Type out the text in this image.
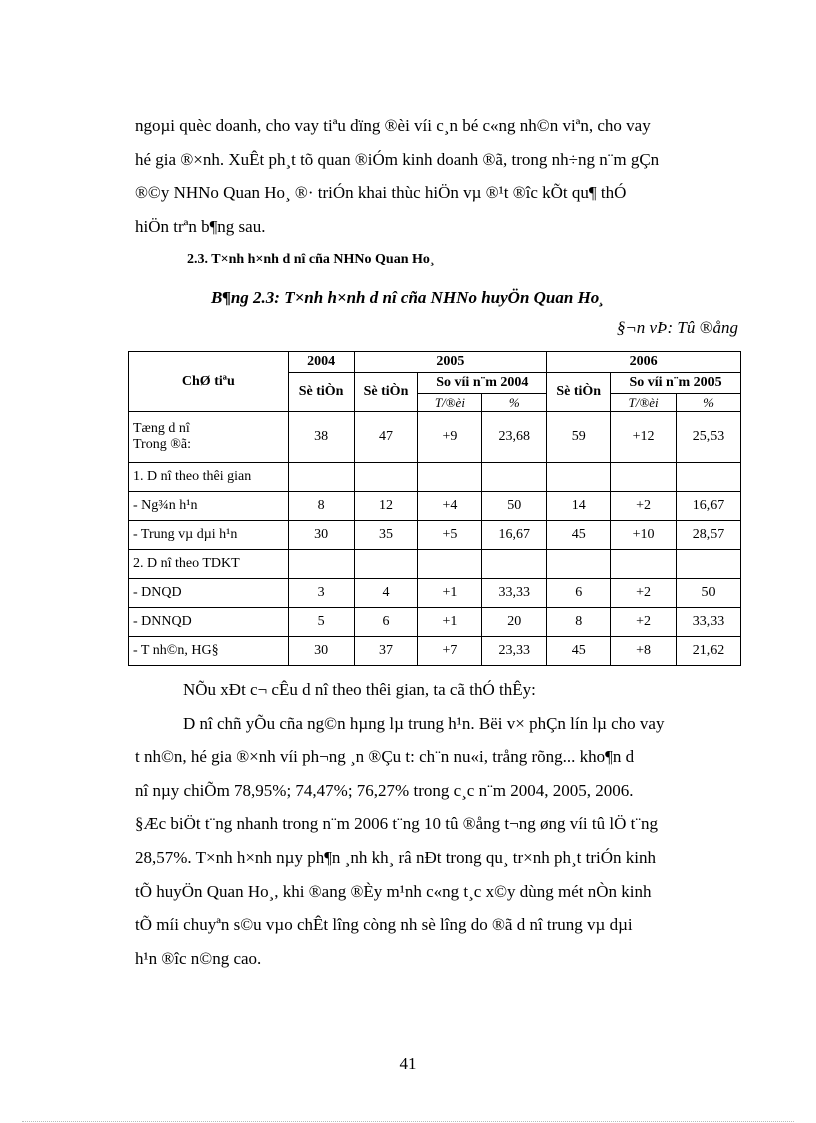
ngoµi quèc doanh, cho vay tiªu dïng ®èi víi c¸n bé c«ng nh©n viªn, cho vay
hé gia ®×nh. XuÊt ph¸t tõ quan ®iÓm kinh doanh ®ã, trong nh÷ng n¨m gÇn
®©y NHNo Quan Ho¸ ®· triÓn khai thùc hiÖn vµ ®¹t ®îc kÕt qu¶ thÓ
hiÖn trªn b¶ng sau.
2.3. T×nh h×nh d nî cña NHNo Quan Ho¸
B¶ng 2.3: T×nh h×nh d nî cña NHNo huyÖn Quan Ho¸
§¬n vÞ: Tû ®ång
ChØ tiªu	2004	2005			2006		
	Sè tiÒn	Sè tiÒn	So víi n¨m 2004		Sè tiÒn	So víi n¨m 2005	
			T/®èi	%		T/®èi	%
Tæng d nî
Trong ®ã:	38	47	+9	23,68	59	+12	25,53
1. D nî theo thêi gian							
- Ng¾n h¹n	8	12	+4	50	14	+2	16,67
- Trung vµ dµi h¹n	30	35	+5	16,67	45	+10	28,57
2. D nî theo TDKT							
- DNQD	3	4	+1	33,33	6	+2	50
- DNNQD	5	6	+1	20	8	+2	33,33
- T nh©n, HG§	30	37	+7	23,33	45	+8	21,62
NÕu xÐt c¬ cÊu d nî theo thêi gian, ta cã thÓ thÊy:
D nî chñ yÕu cña ng©n hµng lµ trung h¹n. Bëi v× phÇn lín lµ cho vay
t nh©n, hé gia ®×nh víi ph¬ng ¸n ®Çu t: ch¨n nu«i, trång rõng... kho¶n d
nî nµy chiÕm 78,95%; 74,47%; 76,27% trong c¸c n¨m 2004, 2005, 2006.
§Æc biÖt t¨ng nhanh trong n¨m 2006 t¨ng 10 tû ®ång t¬ng øng víi tû lÖ t¨ng
28,57%. T×nh h×nh nµy ph¶n ¸nh kh¸ râ nÐt trong qu¸ tr×nh ph¸t triÓn kinh
tÕ huyÖn Quan Ho¸, khi ®ang ®Èy m¹nh c«ng t¸c x©y dùng mét nÒn kinh
tÕ míi chuyªn s©u vµo chÊt lîng còng nh sè lîng do ®ã d nî trung vµ dµi
h¹n ®îc n©ng cao.
41
